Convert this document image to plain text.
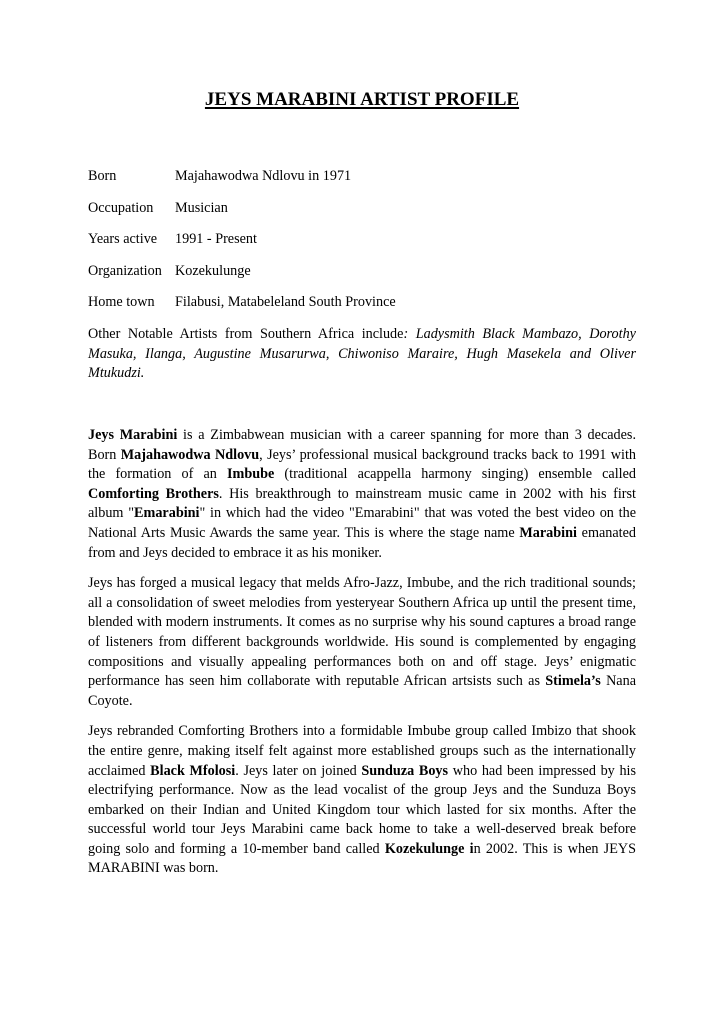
JEYS MARABINI ARTIST PROFILE
Born	Majahawodwa Ndlovu in 1971
Occupation Musician
Years active 1991 - Present
Organization Kozekulunge
Home town Filabusi, Matabeleland South Province
Other Notable Artists from Southern Africa include: Ladysmith Black Mambazo, Dorothy Masuka, Ilanga, Augustine Musarurwa, Chiwoniso Maraire, Hugh Masekela and Oliver Mtukudzi.

Jeys Marabini is a Zimbabwean musician with a career spanning for more than 3 decades. Born Majahawodwa Ndlovu, Jeys’ professional musical background tracks back to 1991 with the formation of an Imbube (traditional acappella harmony singing) ensemble called Comforting Brothers. His breakthrough to mainstream music came in 2002 with his first album "Emarabini" in which had the video "Emarabini" that was voted the best video on the National Arts Music Awards the same year. This is where the stage name Marabini emanated from and Jeys decided to embrace it as his moniker.

Jeys has forged a musical legacy that melds Afro-Jazz, Imbube, and the rich traditional sounds; all a consolidation of sweet melodies from yesteryear Southern Africa up until the present time, blended with modern instruments. It comes as no surprise why his sound captures a broad range of listeners from different backgrounds worldwide. His sound is complemented by engaging compositions and visually appealing performances both on and off stage. Jeys’ enigmatic performance has seen him collaborate with reputable African artsists such as Stimela’s Nana Coyote.

Jeys rebranded Comforting Brothers into a formidable Imbube group called Imbizo that shook the entire genre, making itself felt against more established groups such as the internationally acclaimed Black Mfolosi. Jeys later on joined Sunduza Boys who had been impressed by his electrifying performance. Now as the lead vocalist of the group Jeys and the Sunduza Boys embarked on their Indian and United Kingdom tour which lasted for six months. After the successful world tour Jeys Marabini came back home to take a well-deserved break before going solo and forming a 10-member band called Kozekulunge in 2002. This is when JEYS MARABINI was born.
